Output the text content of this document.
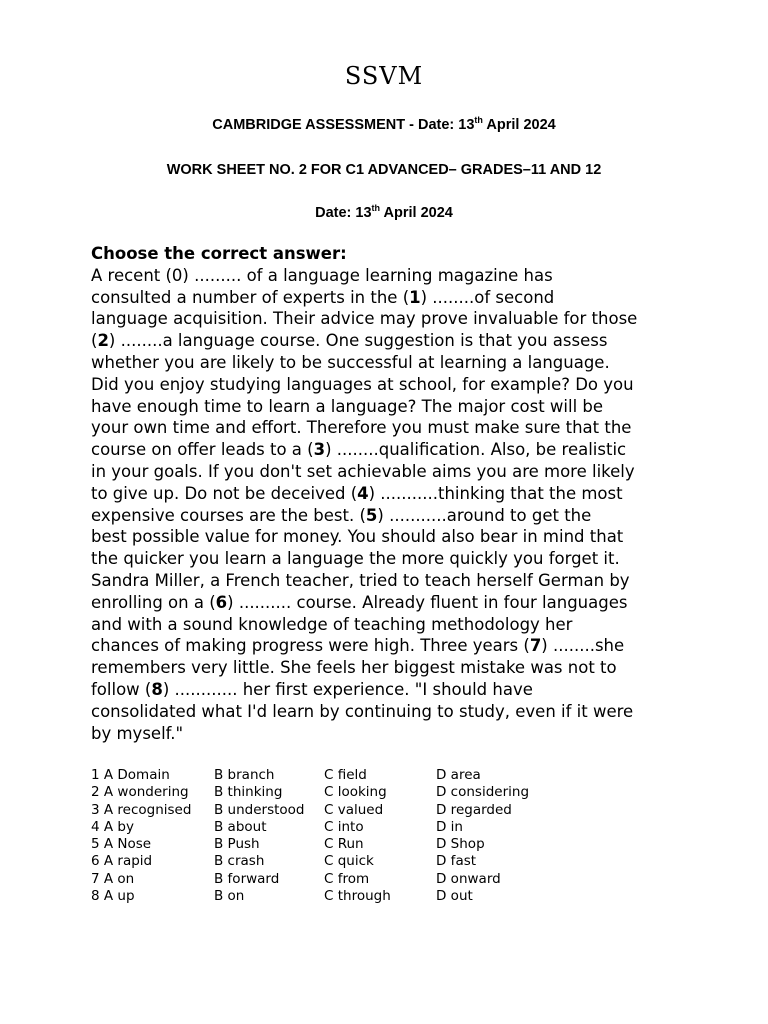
SSVM
CAMBRIDGE ASSESSMENT - Date: 13th April 2024
WORK SHEET NO. 2 FOR C1 ADVANCED– GRADES–11 AND 12
Date: 13th April 2024
Choose the correct answer:
A recent (0) ......... of a language learning magazine has
consulted a number of experts in the (1) ........of second
language acquisition. Their advice may prove invaluable for those
(2) ........a language course. One suggestion is that you assess
whether you are likely to be successful at learning a language.
Did you enjoy studying languages at school, for example? Do you
have enough time to learn a language? The major cost will be
your own time and effort. Therefore you must make sure that the
course on offer leads to a (3) ........qualification. Also, be realistic
in your goals. If you don't set achievable aims you are more likely
to give up. Do not be deceived (4) ...........thinking that the most
expensive courses are the best. (5) ...........around to get the
best possible value for money. You should also bear in mind that
the quicker you learn a language the more quickly you forget it.
Sandra Miller, a French teacher, tried to teach herself German by
enrolling on a (6) .......... course. Already fluent in four languages
and with a sound knowledge of teaching methodology her
chances of making progress were high. Three years (7) ........she
remembers very little. She feels her biggest mistake was not to
follow (8) ............ her first experience. "I should have
consolidated what I'd learn by continuing to study, even if it were
by myself."
1 A Domain	B branch	C field	D area
2 A wondering B thinking	C looking	D considering
3 A recognised B understood C valued	D regarded
4 A by	B about	C into	D in
5 A Nose	B Push	C Run	D Shop
6 A rapid	B crash	C quick	D fast
7 A on	B forward	C from	D onward
8 A up	B on	C through	D out
